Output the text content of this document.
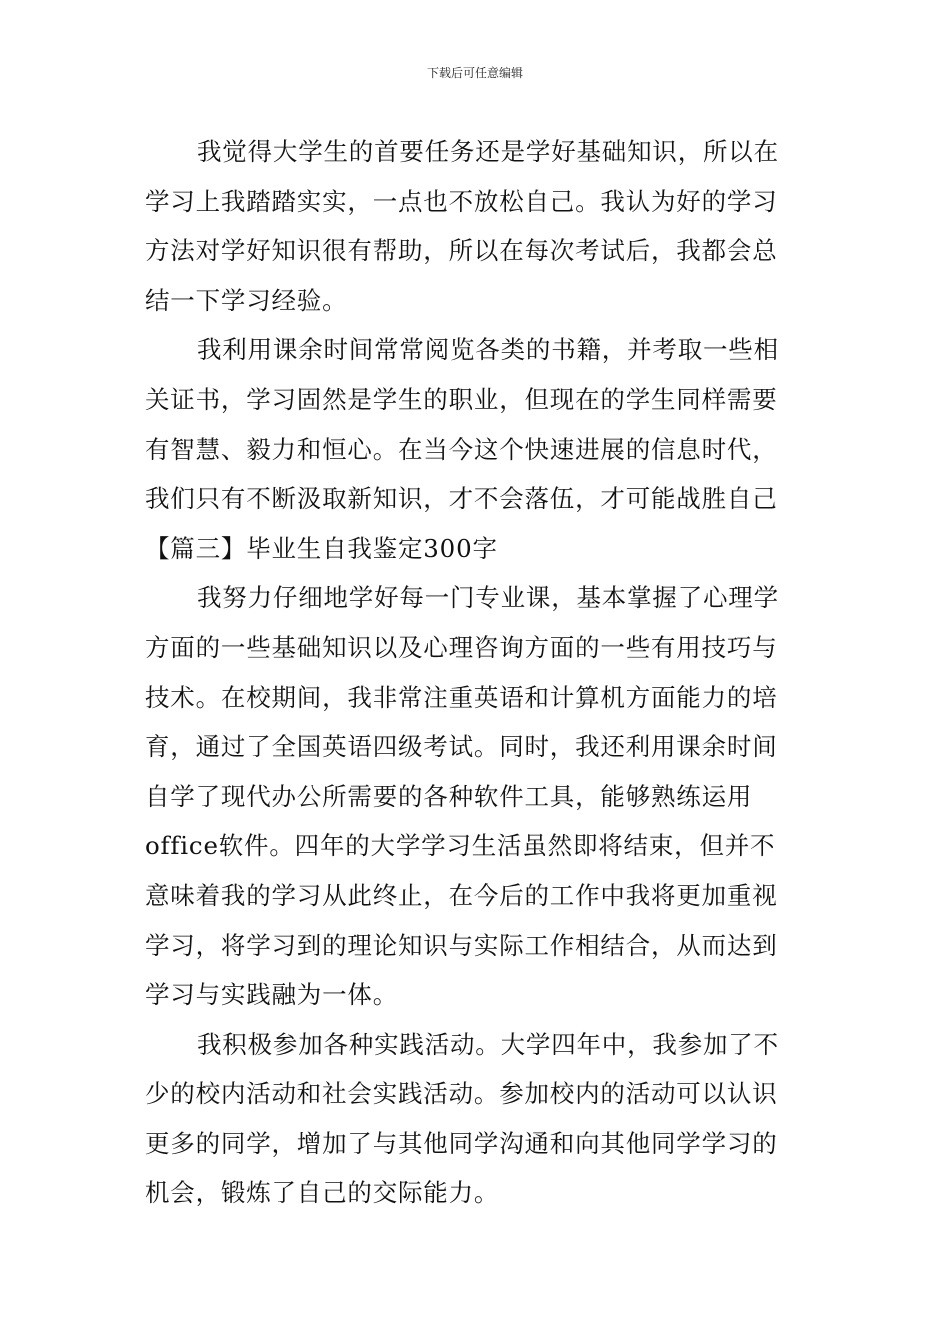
下载后可任意编辑

我觉得大学生的首要任务还是学好基础知识，所以在
学习上我踏踏实实，一点也不放松自己。我认为好的学习
方法对学好知识很有帮助，所以在每次考试后，我都会总
结一下学习经验。

我利用课余时间常常阅览各类的书籍，并考取一些相
关证书，学习固然是学生的职业，但现在的学生同样需要
有智慧、毅力和恒心。在当今这个快速进展的信息时代，
我们只有不断汲取新知识，才不会落伍，才可能战胜自己

【篇三】毕业生自我鉴定300字

我努力仔细地学好每一门专业课，基本掌握了心理学
方面的一些基础知识以及心理咨询方面的一些有用技巧与
技术。在校期间，我非常注重英语和计算机方面能力的培
育，通过了全国英语四级考试。同时，我还利用课余时间
自学了现代办公所需要的各种软件工具，能够熟练运用
office软件。四年的大学学习生活虽然即将结束，但并不
意味着我的学习从此终止，在今后的工作中我将更加重视
学习，将学习到的理论知识与实际工作相结合，从而达到
学习与实践融为一体。

我积极参加各种实践活动。大学四年中，我参加了不
少的校内活动和社会实践活动。参加校内的活动可以认识
更多的同学，增加了与其他同学沟通和向其他同学学习的
机会，锻炼了自己的交际能力。
